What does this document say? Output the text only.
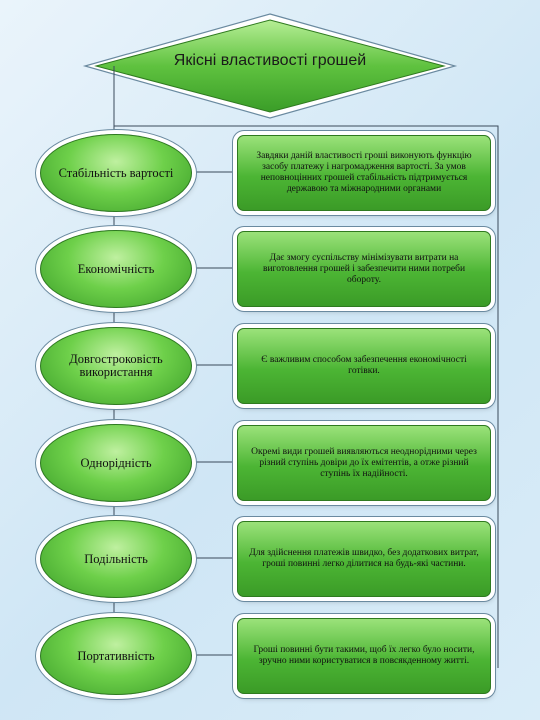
Якісні властивості грошей
Стабільність вартості
Завдяки даній властивості гроші виконують функцію засобу платежу і нагромадження вартості. За умов неповноцінних грошей стабільність підтримується державою та міжнародними органами
Економічність
Дає змогу суспільству мінімізувати витрати на виготовлення грошей і забезпечити ними потреби обороту.
Довгостроковість використання
Є важливим способом забезпечення економічності готівки.
Однорідність
Окремі види грошей виявляються неоднорідними через різний ступінь довіри до їх емітентів, а отже різний ступінь їх надійності.
Подільність	Для здійснення платежів швидко, без додаткових витрат, гроші повинні легко ділитися на будь-які частини.
Портативність	Гроші повинні бути такими, щоб їх легко було носити, зручно ними користуватися в повсякденному житті.
